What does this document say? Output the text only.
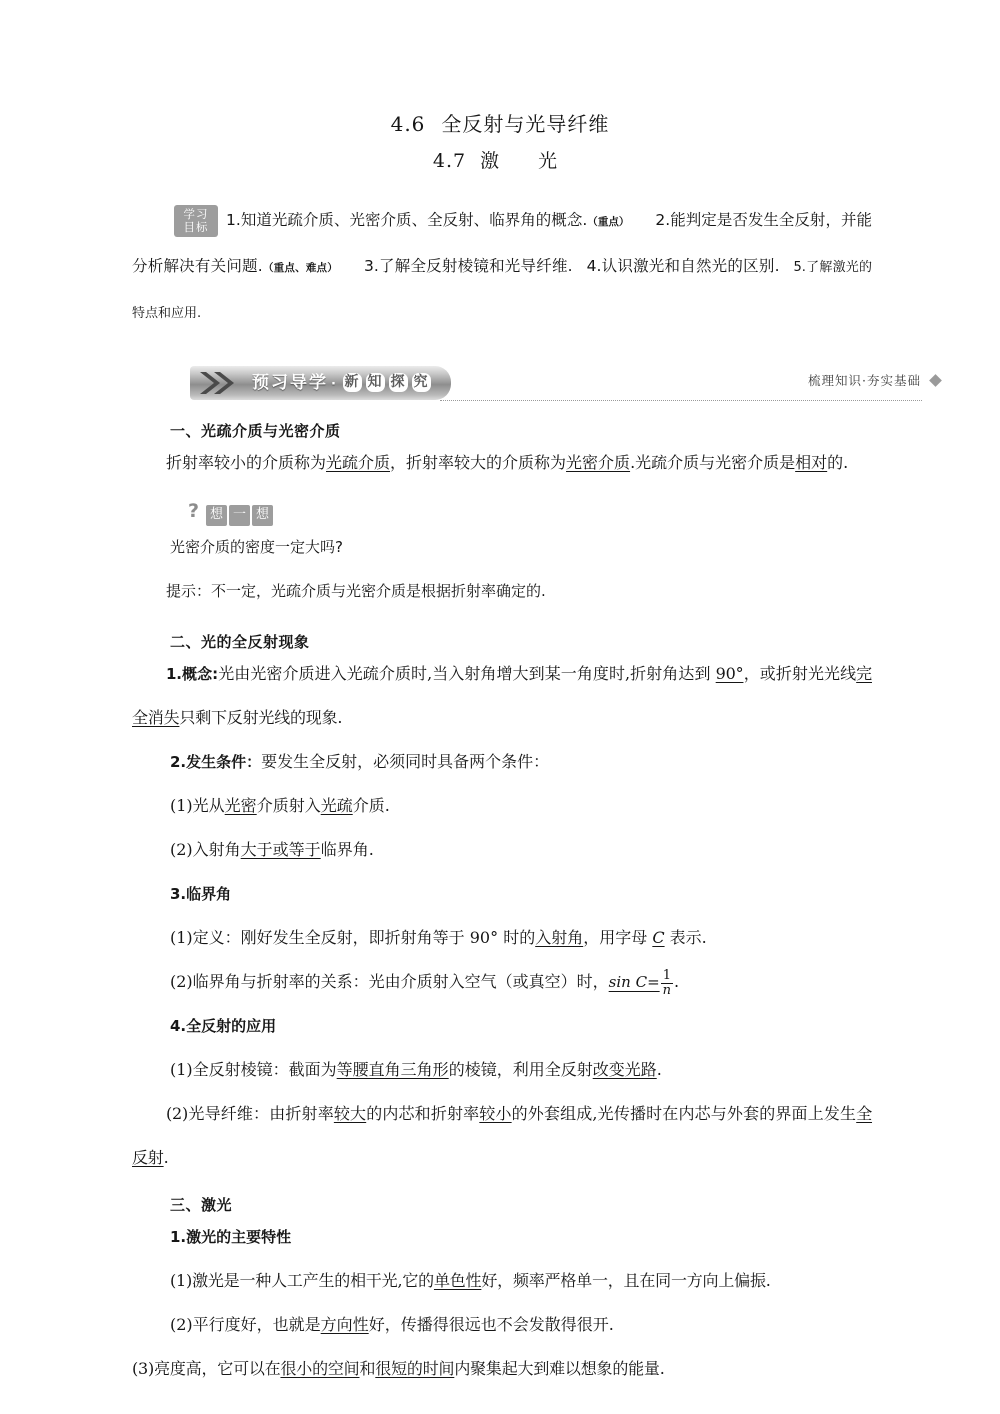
4.6 全反射与光导纤维
4.7 激　光
学习
目标	1.知道光疏介质、光密介质、全反射、临界角的概念.（重点） 2.能判定是否发生全反射，并能分析解决有关问题.（重点、难点） 3.了解全反射棱镜和光导纤维. 4.认识激光和自然光的区别. 5.了解激光的特点和应用.
预习导学 · 新 知 探 究	梳理知识·夯实基础
一、光疏介质与光密介质

折射率较小的介质称为光疏介质，折射率较大的介质称为光密介质.光疏介质与光密介质是相对的.

? 想 一 想

光密介质的密度一定大吗?

提示：不一定，光疏介质与光密介质是根据折射率确定的.

二、光的全反射现象

1.概念:光由光密介质进入光疏介质时,当入射角增大到某一角度时,折射角达到 90°，或折射光光线完全消失只剩下反射光线的现象.

2.发生条件：要发生全反射，必须同时具备两个条件：

(1)光从光密介质射入光疏介质.

(2)入射角大于或等于临界角.

3.临界角

(1)定义：刚好发生全反射，即折射角等于 90° 时的入射角，用字母 C 表示.

(2)临界角与折射率的关系：光由介质射入空气（或真空）时，$\sin C= \frac{1}{n}$ .

4.全反射的应用

(1)全反射棱镜：截面为等腰直角三角形的棱镜，利用全反射改变光路.

(2)光导纤维：由折射率较大的内芯和折射率较小的外套组成,光传播时在内芯与外套的界面上发生全反射.

三、激光

1.激光的主要特性

(1)激光是一种人工产生的相干光,它的单色性好，频率严格单一，且在同一方向上偏振.

(2)平行度好，也就是方向性好，传播得很远也不会发散得很开.

(3)亮度高，它可以在很小的空间和很短的时间内聚集起大到难以想象的能量.
